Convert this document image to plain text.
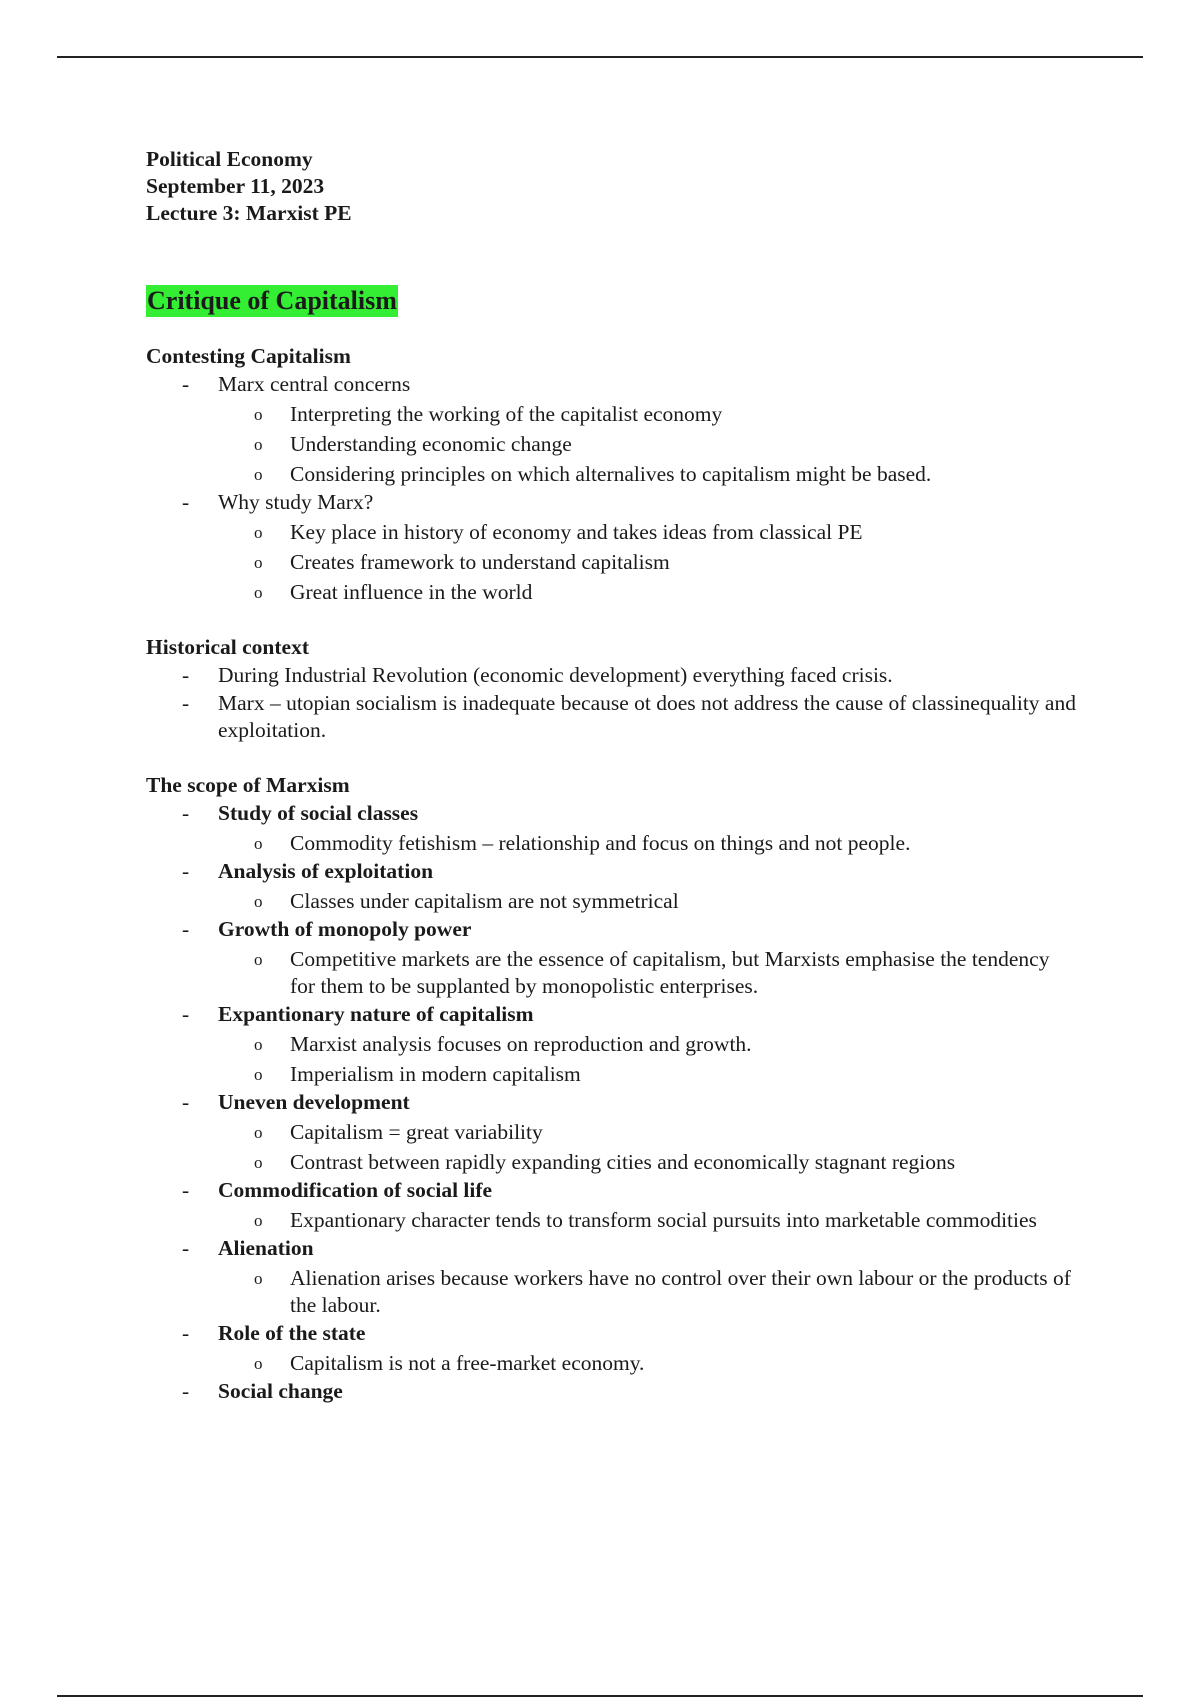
Political Economy
September 11, 2023
Lecture 3: Marxist PE
Critique of Capitalism
Contesting Capitalism
- Marx central concerns
o Interpreting the working of the capitalist economy
o Understanding economic change
o Considering principles on which alternalives to capitalism might be based.
- Why study Marx?
o Key place in history of economy and takes ideas from classical PE
o Creates framework to understand capitalism
o Great influence in the world
Historical context
- During Industrial Revolution (economic development) everything faced crisis.
- Marx – utopian socialism is inadequate because ot does not address the cause of classinequality and exploitation.
The scope of Marxism
- Study of social classes
o Commodity fetishism – relationship and focus on things and not people.
- Analysis of exploitation
o Classes under capitalism are not symmetrical
- Growth of monopoly power
o Competitive markets are the essence of capitalism, but Marxists emphasise the tendency for them to be supplanted by monopolistic enterprises.
- Expantionary nature of capitalism
o Marxist analysis focuses on reproduction and growth.
o Imperialism in modern capitalism
- Uneven development
o Capitalism = great variability
o Contrast between rapidly expanding cities and economically stagnant regions
- Commodification of social life
o Expantionary character tends to transform social pursuits into marketable commodities
- Alienation
o Alienation arises because workers have no control over their own labour or the products of the labour.
- Role of the state
o Capitalism is not a free-market economy.
- Social change
